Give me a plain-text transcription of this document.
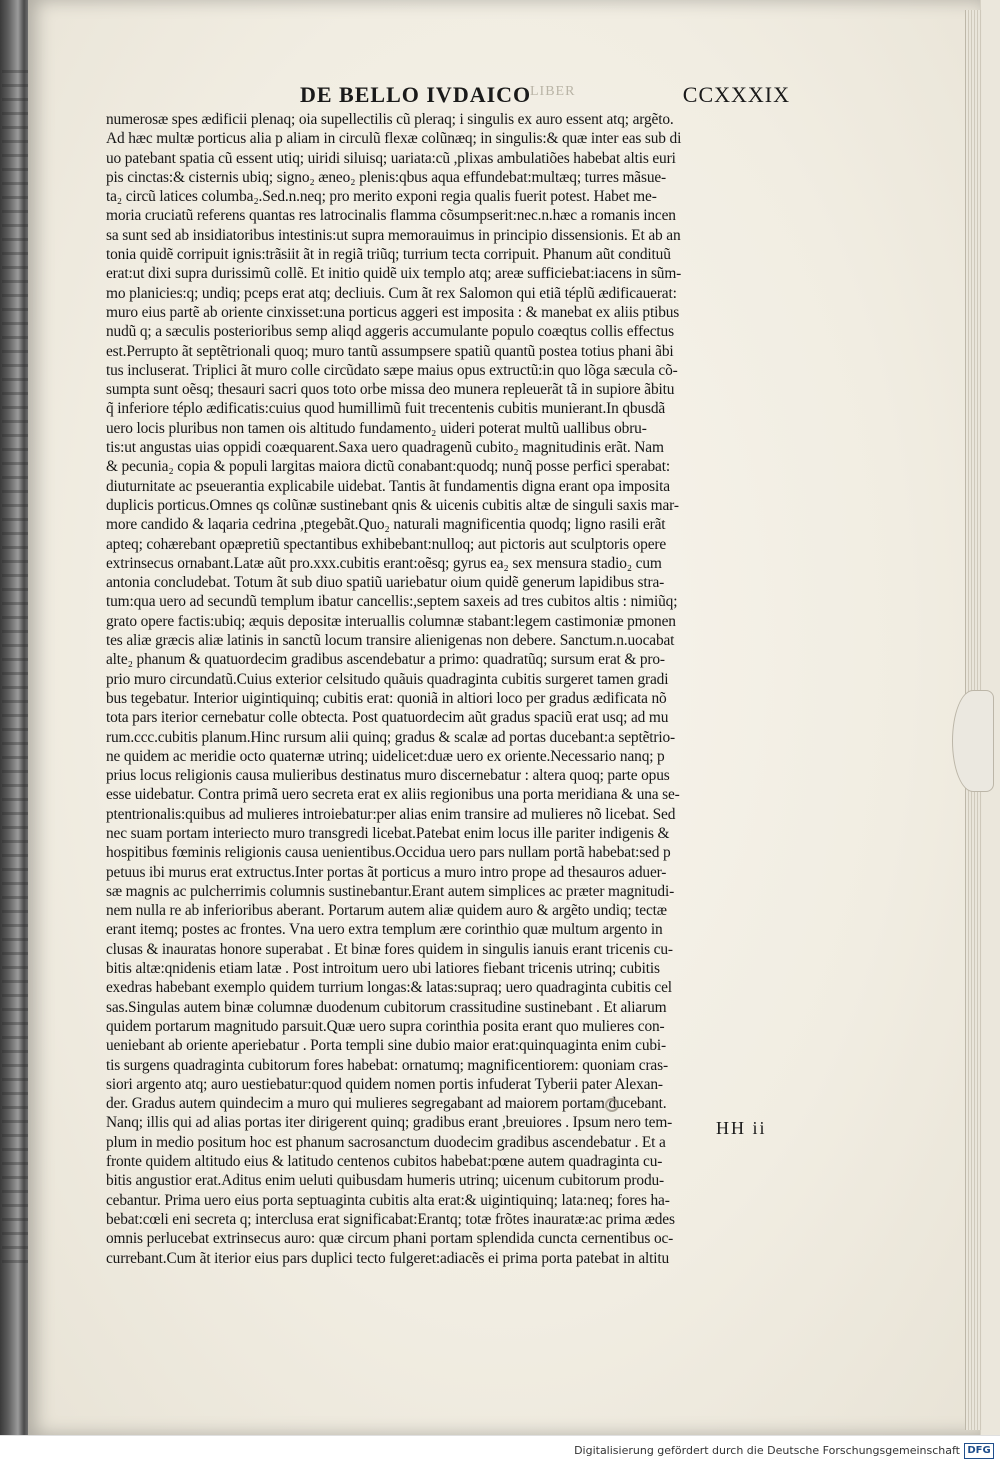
DE BELLO IVDAICO
LIBER	CCXXXIX
numerosæ spes ædificii plenaq; oia supellectilis cũ pleraq; i singulis ex auro essent atq; argẽto.
Ad hæc multæ porticus alia p aliam in circulũ flexæ colũnæq; in singulis:& quæ inter eas sub di
uo patebant spatia cũ essent utiq; uiridi siluisq; uariata:cũ ,plixas ambulatiões habebat altis euri
pis cinctas:& cisternis ubiq; signo₂ æneo₂ plenis:qbus aqua effundebat:multæq; turres mãsue-
ta₂ circũ latices columba₂.Sed.n.neq; pro merito exponi regia qualis fuerit potest. Habet me-
moria cruciatũ referens quantas res latrocinalis flamma cõsumpserit:nec.n.hæc a romanis incen
sa sunt sed ab insidiatoribus intestinis:ut supra memorauimus in principio dissensionis. Et ab an
tonia quidẽ corripuit ignis:trãsiit ãt in regiã triũq; turrium tecta corripuit. Phanum aũt condituũ
erat:ut dixi supra durissimũ collẽ. Et initio quidẽ uix templo atq; areæ sufficiebat:iacens in sũm-
mo planicies:q; undiq; pceps erat atq; decliuis. Cum ãt rex Salomon qui etiã téplũ ædificauerat:
muro eius partẽ ab oriente cinxisset:una porticus aggeri est imposita : & manebat ex aliis ptibus
nudũ q; a sæculis posterioribus semp aliqd aggeris accumulante populo coæqtus collis effectus
est.Perrupto ãt septẽtrionali quoq; muro tantũ assumpsere spatiũ quantũ postea totius phani ãbi
tus incluserat. Triplici ãt muro colle circũdato sæpe maius opus extructũ:in quo lõga sæcula cõ-
sumpta sunt oẽsq; thesauri sacri quos toto orbe missa deo munera repleuerãt tã in supiore ãbitu
q̃ inferiore téplo ædificatis:cuius quod humillimũ fuit trecentenis cubitis munierant.In qbusdã
uero locis pluribus non tamen ois altitudo fundamento₂ uideri poterat multũ uallibus obru-
tis:ut angustas uias oppidi coæquarent.Saxa uero quadragenũ cubito₂ magnitudinis erãt. Nam
& pecunia₂ copia & populi largitas maiora dictũ conabant:quodq; nunq̃ posse perfici sperabat:
diuturnitate ac pseuerantia explicabile uidebat. Tantis ãt fundamentis digna erant opa imposita
duplicis porticus.Omnes qs colũnæ sustinebant qnis & uicenis cubitis altæ de singuli saxis mar-
more candido & laqaria cedrina ,ptegebãt.Quo₂ naturali magnificentia quodq; ligno rasili erãt
apteq; cohærebant opæpretiũ spectantibus exhibebant:nulloq; aut pictoris aut sculptoris opere
extrinsecus ornabant.Latæ aũt pro.xxx.cubitis erant:oẽsq; gyrus ea₂ sex mensura stadio₂ cum
antonia concludebat. Totum ãt sub diuo spatiũ uariebatur oium quidẽ generum lapidibus stra-
tum:qua uero ad secundũ templum ibatur cancellis:,septem saxeis ad tres cubitos altis : nimiũq;
grato opere factis:ubiq; æquis depositæ interuallis columnæ stabant:legem castimoniæ pmonen
tes aliæ græcis aliæ latinis in sanctũ locum transire alienigenas non debere. Sanctum.n.uocabat
alte₂ phanum & quatuordecim gradibus ascendebatur a primo: quadratũq; sursum erat & pro-
prio muro circundatũ.Cuius exterior celsitudo quãuis quadraginta cubitis surgeret tamen gradi
bus tegebatur. Interior uigintiquinq; cubitis erat: quoniã in altiori loco per gradus ædificata nõ
tota pars iterior cernebatur colle obtecta. Post quatuordecim aũt gradus spaciũ erat usq; ad mu
rum.ccc.cubitis planum.Hinc rursum alii quinq; gradus & scalæ ad portas ducebant:a septẽtrio-
ne quidem ac meridie octo quaternæ utrinq; uidelicet:duæ uero ex oriente.Necessario nanq; p
prius locus religionis causa mulieribus destinatus muro discernebatur : altera quoq; parte opus
esse uidebatur. Contra primã uero secreta erat ex aliis regionibus una porta meridiana & una se-
ptentrionalis:quibus ad mulieres introiebatur:per alias enim transire ad mulieres nõ licebat. Sed
nec suam portam interiecto muro transgredi licebat.Patebat enim locus ille pariter indigenis &
hospitibus fœminis religionis causa uenientibus.Occidua uero pars nullam portã habebat:sed p
petuus ibi murus erat extructus.Inter portas ãt porticus a muro intro prope ad thesauros aduer-
sæ magnis ac pulcherrimis columnis sustinebantur.Erant autem simplices ac præter magnitudi-
nem nulla re ab inferioribus aberant. Portarum autem aliæ quidem auro & argẽto undiq; tectæ
erant itemq; postes ac frontes. Vna uero extra templum ære corinthio quæ multum argento in
clusas & inauratas honore superabat . Et binæ fores quidem in singulis ianuis erant tricenis cu-
bitis altæ:qnidenis etiam latæ . Post introitum uero ubi latiores fiebant tricenis utrinq; cubitis
exedras habebant exemplo quidem turrium longas:& latas:supraq; uero quadraginta cubitis cel
sas.Singulas autem binæ columnæ duodenum cubitorum crassitudine sustinebant . Et aliarum
quidem portarum magnitudo parsuit.Quæ uero supra corinthia posita erant quo mulieres con-
ueniebant ab oriente aperiebatur . Porta templi sine dubio maior erat:quinquaginta enim cubi-
tis surgens quadraginta cubitorum fores habebat: ornatumq; magnificentiorem: quoniam cras-
siori argento atq; auro uestiebatur:quod quidem nomen portis infuderat Tyberii pater Alexan-
der. Gradus autem quindecim a muro qui mulieres segregabant ad maiorem portam ducebant.
Nanq; illis qui ad alias portas iter dirigerent quinq; gradibus erant ,breuiores . Ipsum nero tem-
plum in medio positum hoc est phanum sacrosanctum duodecim gradibus ascendebatur . Et a
fronte quidem altitudo eius & latitudo centenos cubitos habebat:pœne autem quadraginta cu-
bitis angustior erat.Aditus enim ueluti quibusdam humeris utrinq; uicenum cubitorum produ-
cebantur. Prima uero eius porta septuaginta cubitis alta erat:& uigintiquinq; lata:neq; fores ha-
bebat:cœli eni secreta q; interclusa erat significabat:Erantq; totæ frõtes inauratæ:ac prima ædes
omnis perlucebat extrinsecus auro: quæ circum phani portam splendida cuncta cernentibus oc-
currebant.Cum ãt iterior eius pars duplici tecto fulgeret:adiacẽs ei prima porta patebat in altitu
HH ii
Digitalisierung gefördert durch die Deutsche Forschungsgemeinschaft DFG
